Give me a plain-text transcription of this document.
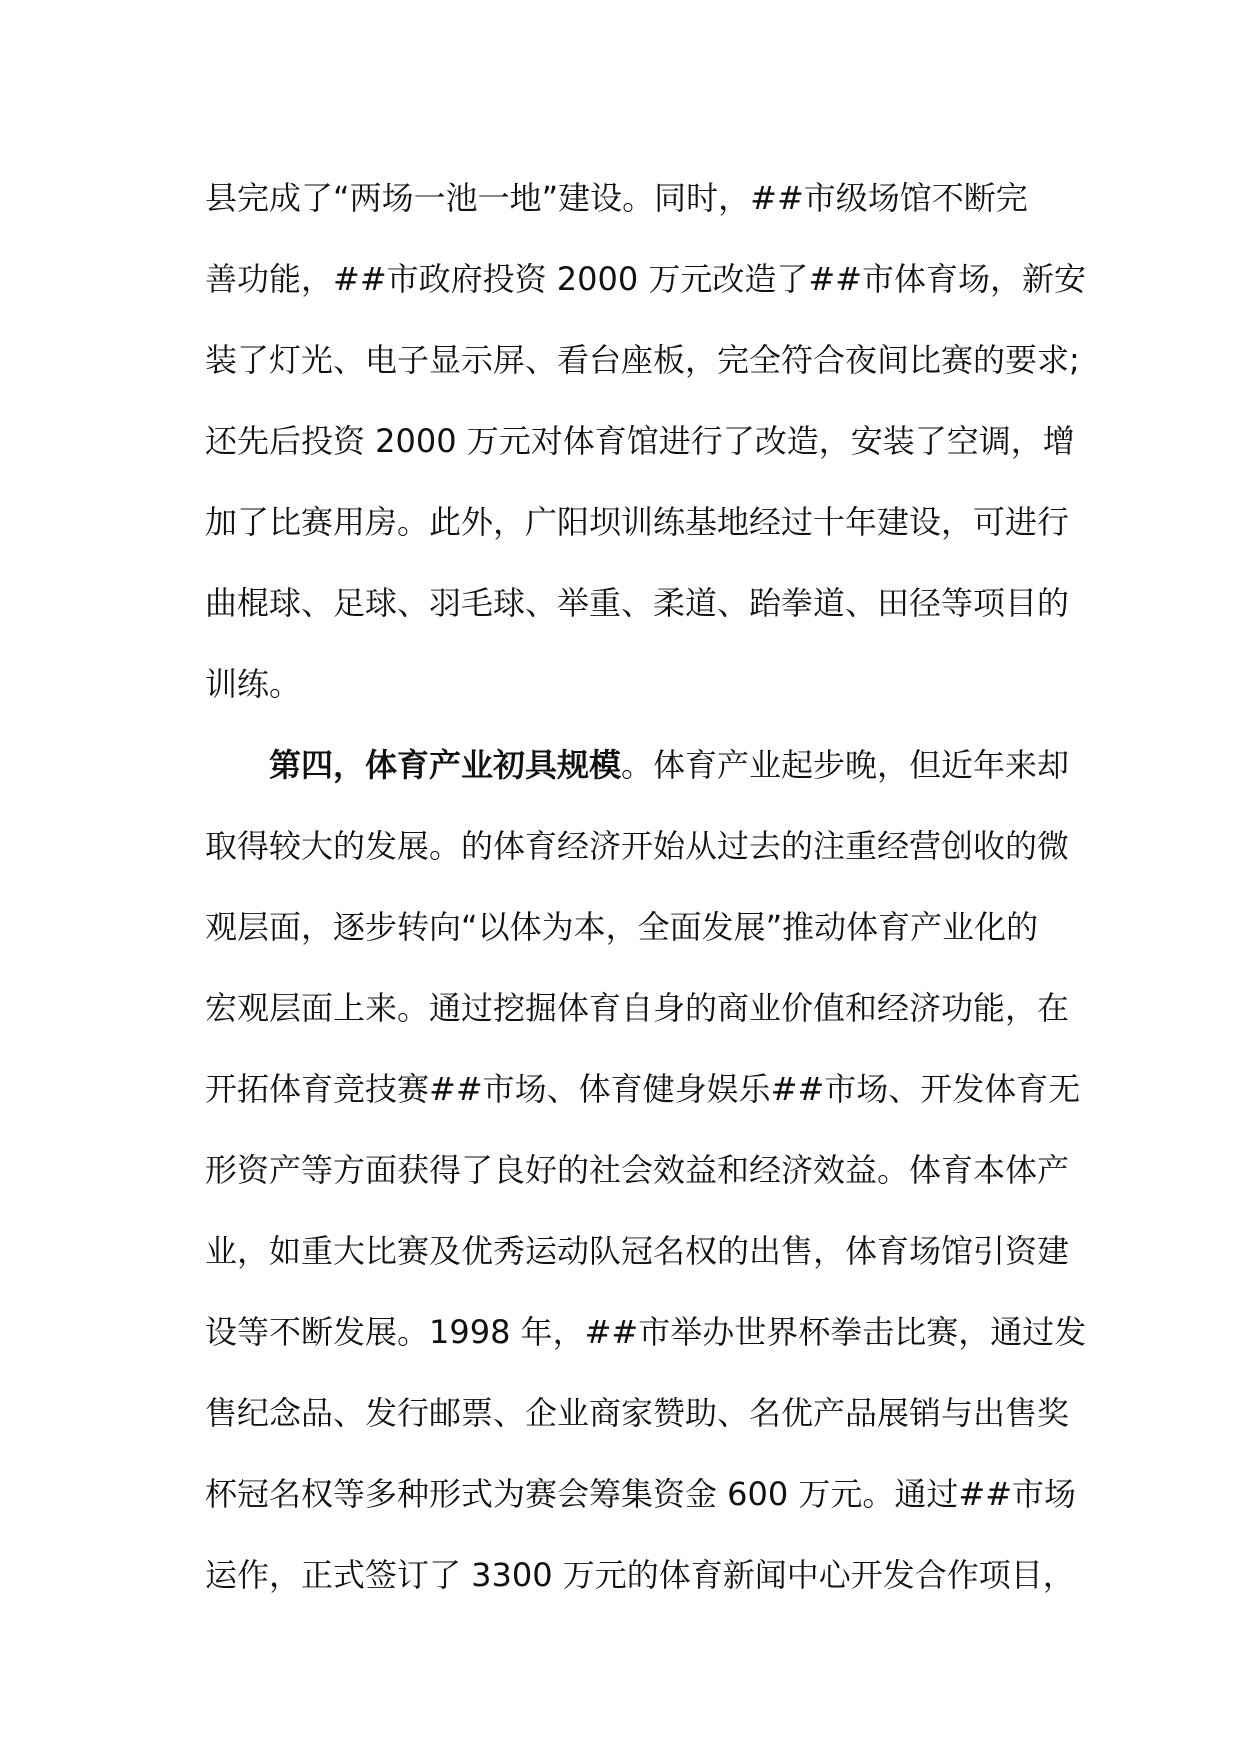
县完成了“两场一池一地”建设。同时，##市级场馆不断完
善功能，##市政府投资 2000 万元改造了##市体育场，新安
装了灯光、电子显示屏、看台座板，完全符合夜间比赛的要求;
还先后投资 2000 万元对体育馆进行了改造，安装了空调，增
加了比赛用房。此外，广阳坝训练基地经过十年建设，可进行
曲棍球、足球、羽毛球、举重、柔道、跆拳道、田径等项目的
训练。
第四，体育产业初具规模。体育产业起步晚，但近年来却
取得较大的发展。的体育经济开始从过去的注重经营创收的微
观层面，逐步转向“以体为本，全面发展”推动体育产业化的
宏观层面上来。通过挖掘体育自身的商业价值和经济功能，在
开拓体育竞技赛##市场、体育健身娱乐##市场、开发体育无
形资产等方面获得了良好的社会效益和经济效益。体育本体产
业，如重大比赛及优秀运动队冠名权的出售，体育场馆引资建
设等不断发展。1998 年，##市举办世界杯拳击比赛，通过发
售纪念品、发行邮票、企业商家赞助、名优产品展销与出售奖
杯冠名权等多种形式为赛会筹集资金 600 万元。通过##市场
运作，正式签订了 3300 万元的体育新闻中心开发合作项目，
